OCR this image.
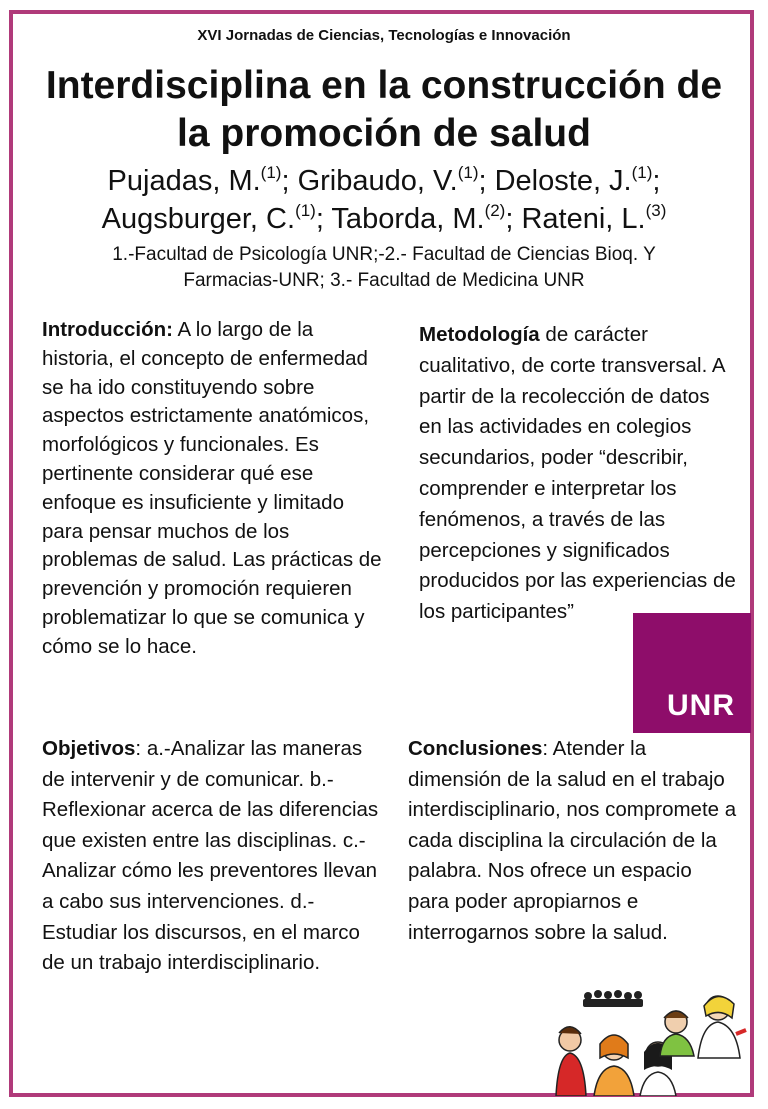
XVI Jornadas de Ciencias, Tecnologías e Innovación
Interdisciplina en la construcción de
la promoción de salud
Pujadas, M.$^{(1)}$; Gribaudo, V.$^{(1)}$; Deloste, J.$^{(1)}$;
Augsburger, C.$^{(1)}$; Taborda, M.$^{(2)}$; Rateni, L.$^{(3)}$
1.-Facultad de Psicología UNR;-2.- Facultad de Ciencias Bioq. Y
Farmacias-UNR; 3.- Facultad de Medicina UNR

Introducción: A lo largo de la historia, el concepto de enfermedad se ha ido constituyendo sobre aspectos estrictamente anatómicos, morfológicos y funcionales. Es pertinente considerar qué ese enfoque es insuficiente y limitado para pensar muchos de los problemas de salud. Las prácticas de prevención y promoción requieren problematizar lo que se comunica y cómo se lo hace.

Metodología de carácter cualitativo, de corte transversal. A partir de la recolección de datos en las actividades en colegios secundarios, poder “describir, comprender e interpretar los fenómenos, a través de las percepciones y significados producidos por las experiencias de los participantes”

UNR

Objetivos: a.-Analizar las maneras de intervenir y de comunicar. b.-Reflexionar acerca de las diferencias que existen entre las disciplinas. c.-Analizar cómo les preventores llevan a cabo sus intervenciones. d.-Estudiar los discursos, en el marco de un trabajo interdisciplinario.

Conclusiones: Atender la dimensión de la salud en el trabajo interdisciplinario, nos compromete a cada disciplina la circulación de la palabra. Nos ofrece un espacio para poder apropiarnos e interrogarnos sobre la salud.
